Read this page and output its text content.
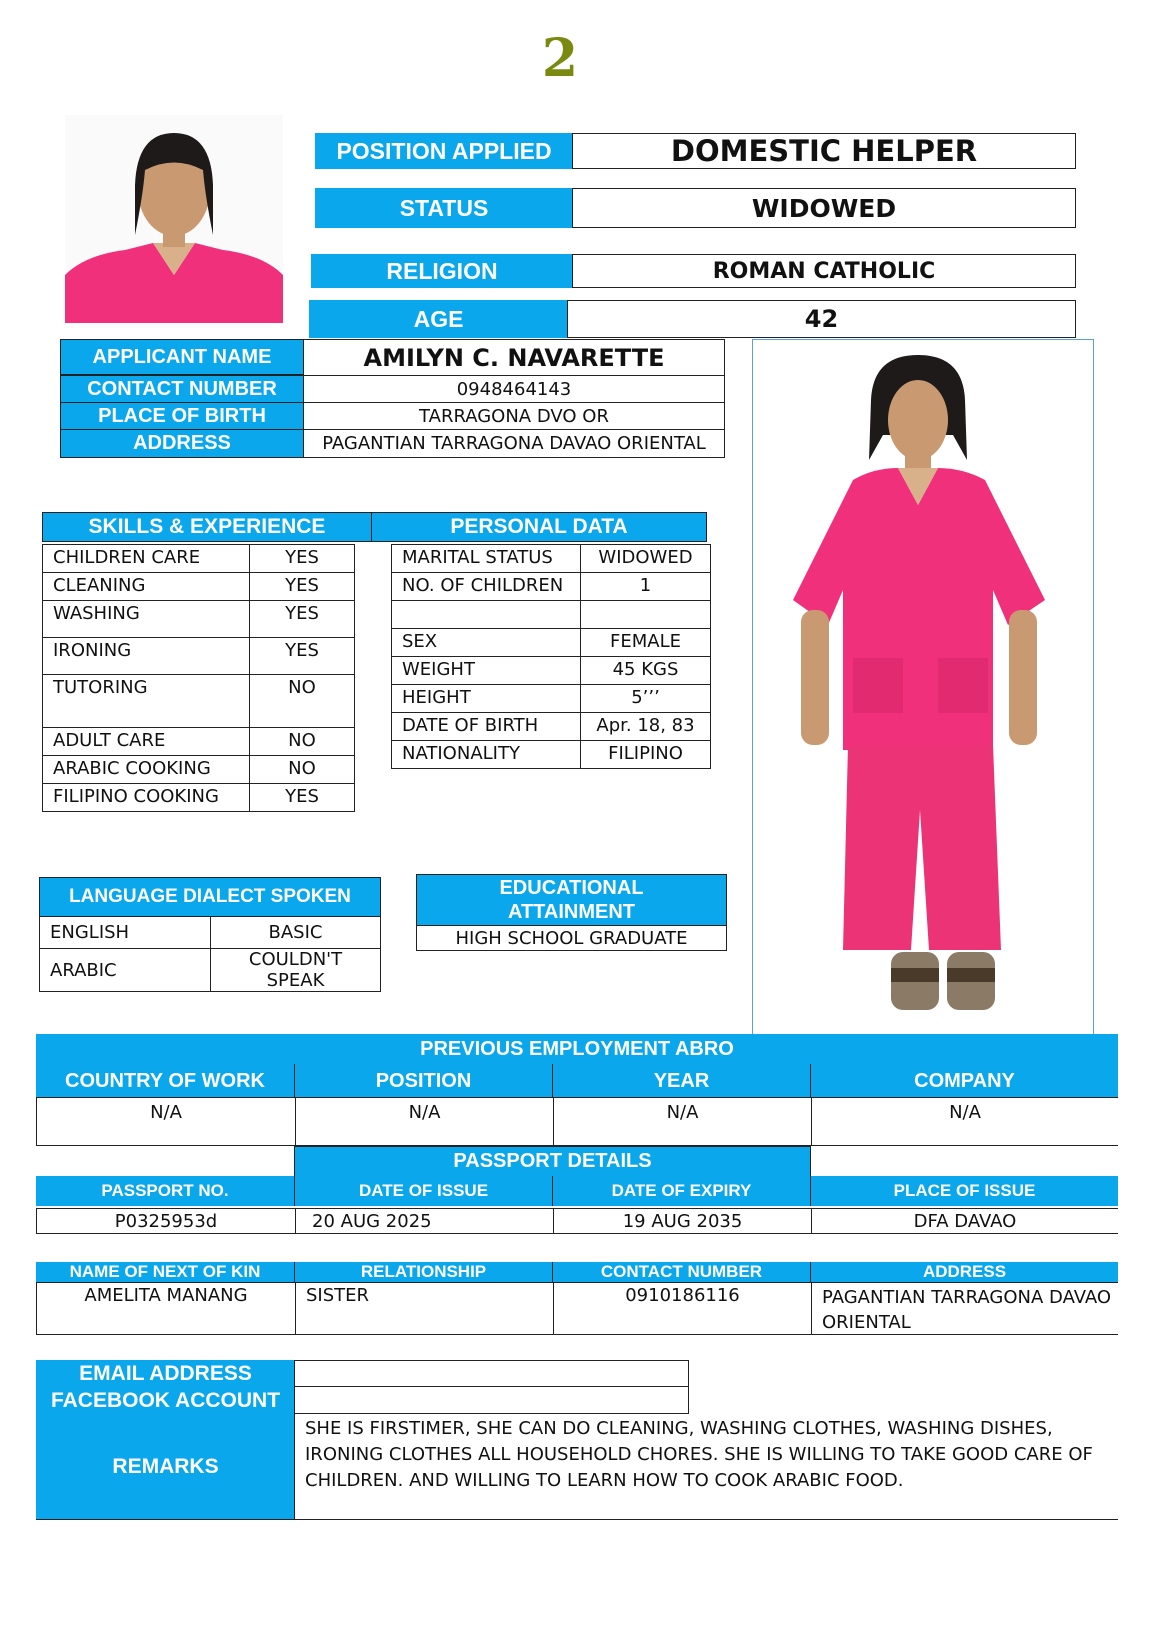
2
POSITION APPLIED	DOMESTIC HELPER
STATUS	WIDOWED
RELIGION	ROMAN CATHOLIC
AGE	42
APPLICANT NAME	AMILYN C. NAVARETTE
CONTACT NUMBER	0948464143
PLACE OF BIRTH	TARRAGONA DVO OR
ADDRESS	PAGANTIAN TARRAGONA DAVAO ORIENTAL
SKILLS & EXPERIENCE	PERSONAL DATA
CHILDREN CARE	YES
CLEANING	YES
WASHING	YES
IRONING	YES
TUTORING	NO
ADULT CARE	NO
ARABIC COOKING	NO
FILIPINO COOKING	YES
MARITAL STATUS	WIDOWED
NO. OF CHILDREN	1

SEX	FEMALE
WEIGHT	45 KGS
HEIGHT	5’’’
DATE OF BIRTH	Apr. 18, 83
NATIONALITY	FILIPINO
LANGUAGE DIALECT SPOKEN
ENGLISH	BASIC
ARABIC	COULDN'T SPEAK
EDUCATIONAL ATTAINMENT
HIGH SCHOOL GRADUATE
PREVIOUS EMPLOYMENT ABRO
COUNTRY OF WORK	POSITION	YEAR	COMPANY
N/A	N/A	N/A	N/A
PASSPORT DETAILS
PASSPORT NO.	DATE OF ISSUE	DATE OF EXPIRY	PLACE OF ISSUE
P0325953d	20 AUG 2025	19 AUG 2035	DFA DAVAO
NAME OF NEXT OF KIN	RELATIONSHIP	CONTACT NUMBER	ADDRESS
AMELITA MANANG	SISTER	0910186116	PAGANTIAN TARRAGONA DAVAO ORIENTAL
EMAIL ADDRESS
FACEBOOK ACCOUNT
REMARKS
SHE IS FIRSTIMER, SHE CAN DO CLEANING, WASHING CLOTHES, WASHING DISHES, IRONING CLOTHES ALL HOUSEHOLD CHORES. SHE IS WILLING TO TAKE GOOD CARE OF CHILDREN. AND WILLING TO LEARN HOW TO COOK ARABIC FOOD.
